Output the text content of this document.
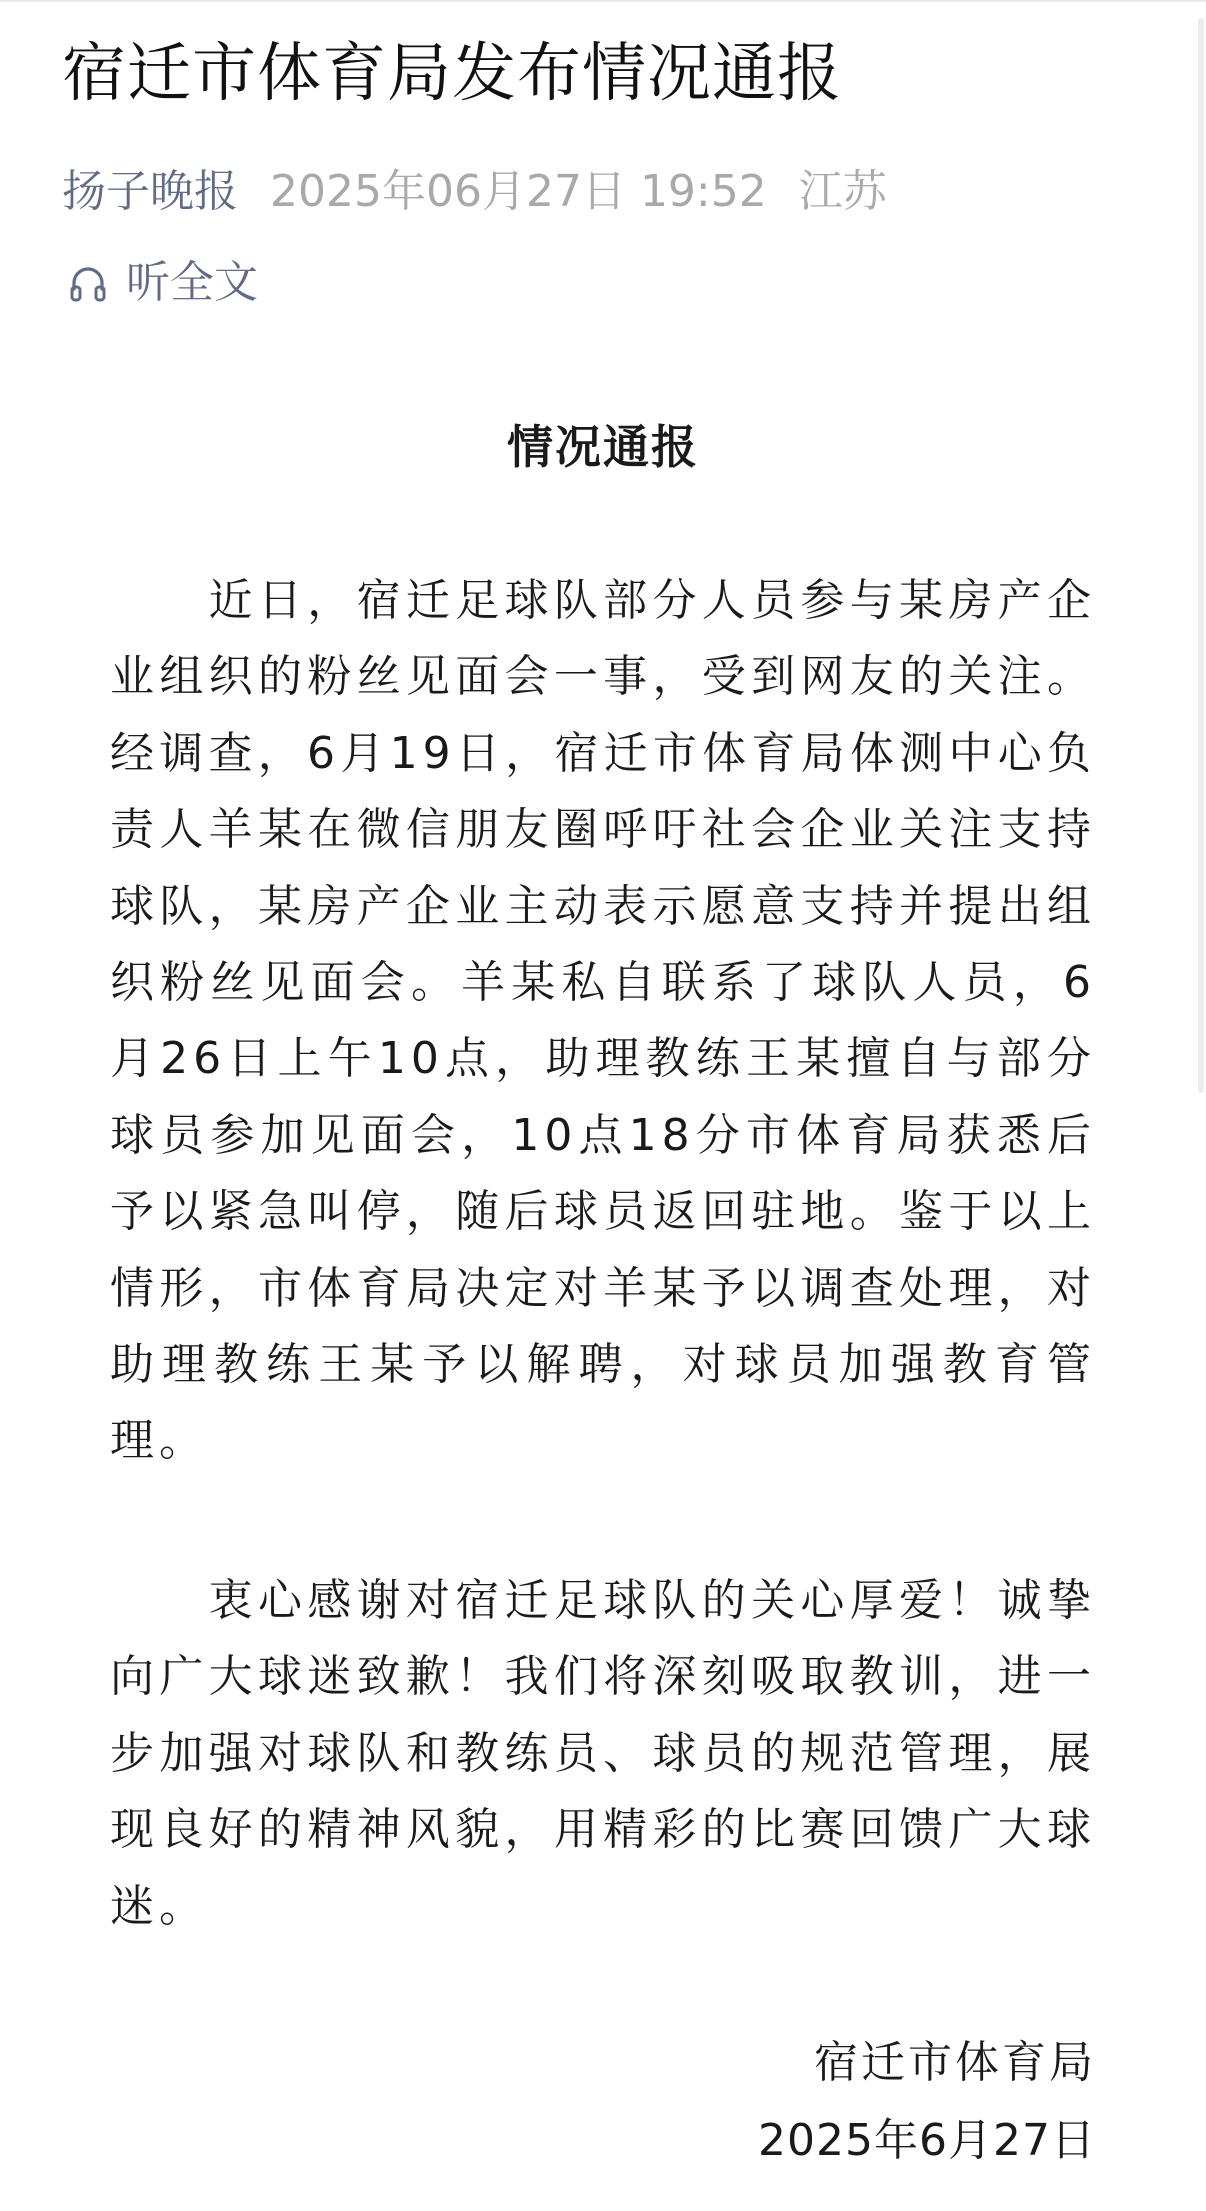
宿迁市体育局发布情况通报
扬子晚报 2025年06月27日 19:52 江苏
听全文
情况通报

　　近日，宿迁足球队部分人员参与某房产企业组织的粉丝见面会一事，受到网友的关注。经调查，6月19日，宿迁市体育局体测中心负责人羊某在微信朋友圈呼吁社会企业关注支持球队，某房产企业主动表示愿意支持并提出组织粉丝见面会。羊某私自联系了球队人员，6月26日上午10点，助理教练王某擅自与部分球员参加见面会，10点18分市体育局获悉后予以紧急叫停，随后球员返回驻地。鉴于以上情形，市体育局决定对羊某予以调查处理，对助理教练王某予以解聘，对球员加强教育管理。

　　衷心感谢对宿迁足球队的关心厚爱！诚挚向广大球迷致歉！我们将深刻吸取教训，进一步加强对球队和教练员、球员的规范管理，展现良好的精神风貌，用精彩的比赛回馈广大球迷。

宿迁市体育局
2025年6月27日
